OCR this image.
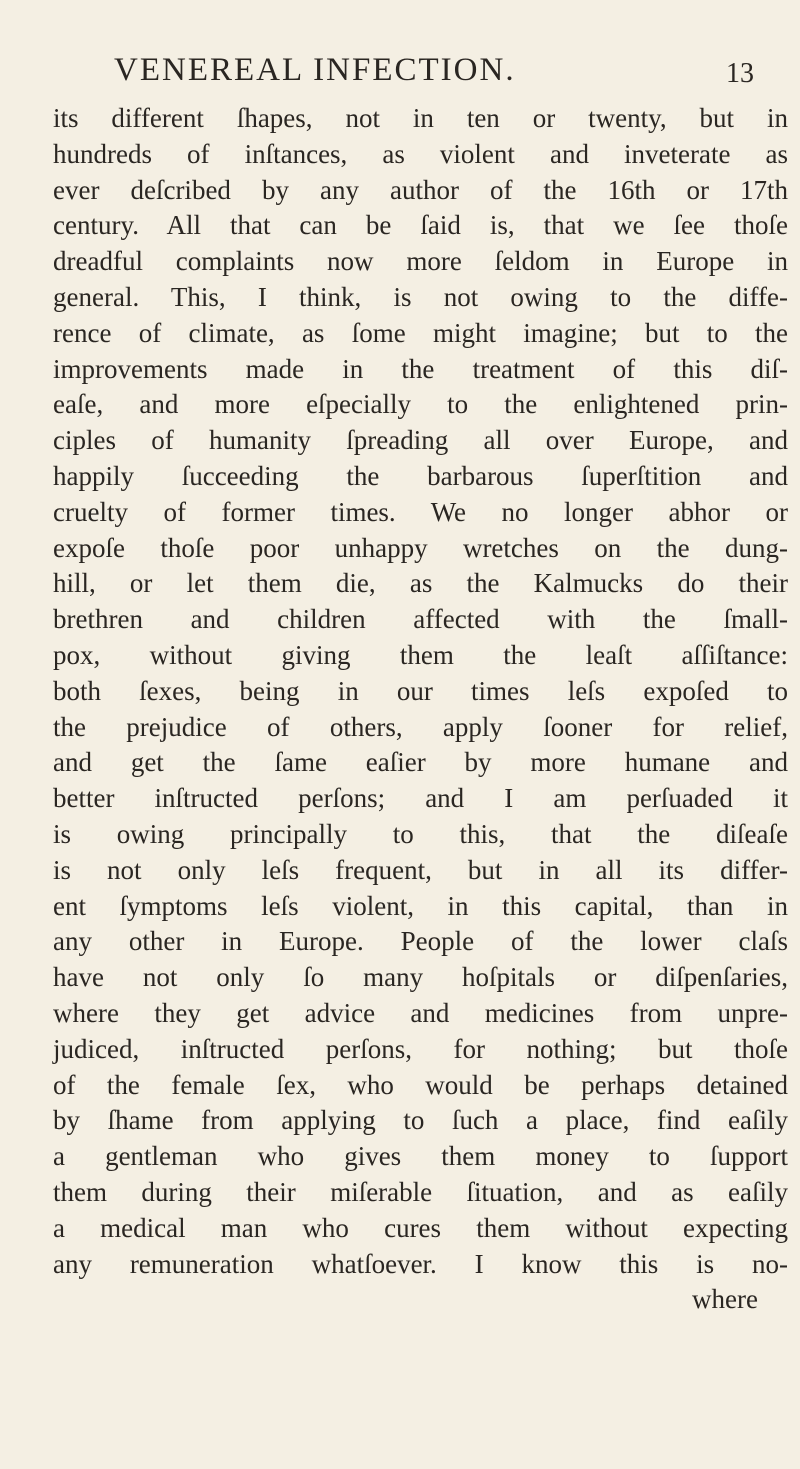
VENEREAL INFECTION.	13
its different ſhapes, not in ten or twenty, but in
hundreds of inſtances, as violent and inveterate as
ever deſcribed by any author of the 16th or 17th
century. All that can be ſaid is, that we ſee thoſe
dreadful complaints now more ſeldom in Europe in
general. This, I think, is not owing to the diffe-
rence of climate, as ſome might imagine; but to the
improvements made in the treatment of this diſ-
eaſe, and more eſpecially to the enlightened prin-
ciples of humanity ſpreading all over Europe, and
happily ſucceeding the barbarous ſuperſtition and
cruelty of former times. We no longer abhor or
expoſe thoſe poor unhappy wretches on the dung-
hill, or let them die, as the Kalmucks do their
brethren and children affected with the ſmall-
pox, without giving them the leaſt aſſiſtance:
both ſexes, being in our times leſs expoſed to
the prejudice of others, apply ſooner for relief,
and get the ſame eaſier by more humane and
better inſtructed perſons; and I am perſuaded it
is owing principally to this, that the diſeaſe
is not only leſs frequent, but in all its differ-
ent ſymptoms leſs violent, in this capital, than in
any other in Europe. People of the lower claſs
have not only ſo many hoſpitals or diſpenſaries,
where they get advice and medicines from unpre-
judiced, inſtructed perſons, for nothing; but thoſe
of the female ſex, who would be perhaps detained
by ſhame from applying to ſuch a place, find eaſily
a gentleman who gives them money to ſupport
them during their miſerable ſituation, and as eaſily
a medical man who cures them without expecting
any remuneration whatſoever. I know this is no-
where
